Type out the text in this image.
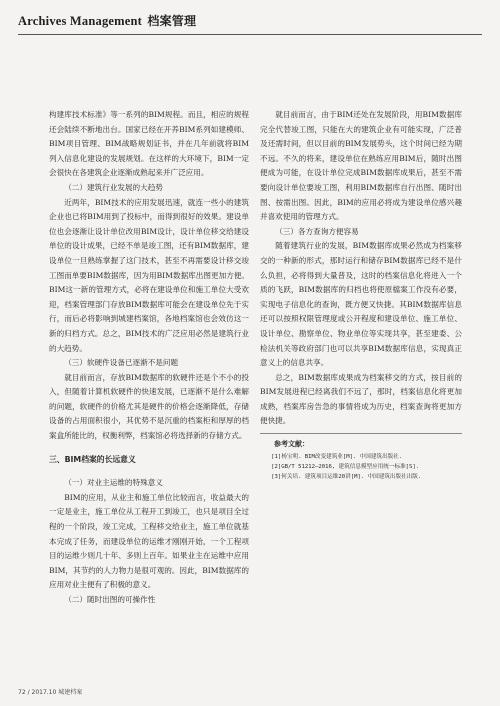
Archives Management 档案管理

构建库技术标准》等一系列的BIM规程。而且，相应的规程还会陆续不断地出台。国家已经在开养BIM系列如建模师、BIM项目管理、BIM战略规划证书，并在几年前就将BIM列入信息化建设的发展规划。在这样的大环境下，BIM一定会很快在各建筑企业逐渐成熟起来并广泛应用。

（二）建筑行业发展的大趋势

近两年，BIM技术的应用发展迅速，就连一些小的建筑企业也已将BIM用到了投标中，而得到很好的效果。建设单位也会逐渐让设计单位改用BIM设计，设计单位移交给建设单位的设计成果，已经不单是竣工图，还有BIM数据库，建设单位一旦熟练掌握了这门技术，甚至不再需要设计移交竣工图而单要BIM数据库，因为用BIM数据库出图更加方便。BIM这一新的管理方式，必将在建设单位和施工单位大受欢迎，档案管理部门存放BIM数据库可能会在建设单位先于实行，而后必将影响到城建档案馆，各地档案馆也会效仿这一新的归档方式。总之，BIM技术的广泛应用必然是建筑行业的大趋势。

（三）软硬件设备已逐渐不是问题

就目前而言，存放BIM数据库的软硬件还是个不小的投入，但随着计算机软硬件的快速发展，已逐渐不是什么难解的问题，软硬件的价格尤其是硬件的价格会逐渐降低，存储设备的占用面积很小，其优势不是沉重的档案柜和厚厚的档案盒所能比的，权衡利弊，档案馆必将选择新的存储方式。

三、BIM档案的长远意义

（一）对业主运维的特殊意义

BIM的应用，从业主和施工单位比较而言，收益最大的一定是业主，施工单位从工程开工到竣工，也只是项目全过程的一个阶段，竣工完成，工程移交给业主，施工单位就基本完成了任务，而建设单位的运维才刚刚开始，一个工程项目的运维少则几十年、多则上百年。如果业主在运维中应用BIM，其节约的人力物力是很可观的。因此，BIM数据库的应用对业主便有了积极的意义。

（二）随时出图的可操作性

就目前而言，由于BIM还处在发展阶段，用BIM数据库完全代替竣工图，只能在大的建筑企业有可能实现，广泛普及还需时间，但以目前的BIM发展势头，这个时间已经为期不远。不久的将来，建设单位在熟练应用BIM后，随时出图便成为可能，在设计单位完成BIM数据库成果后，甚至不需要向设计单位要竣工图，利用BIM数据库自行出图、随时出图、按需出图。因此，BIM的应用必将成为建设单位感兴趣并喜欢使用的管理方式。

（三）各方查询方便容易

随着建筑行业的发展，BIM数据库成果必然成为档案移交的一种新的形式，那时运行和储存BIM数据库已经不是什么负担，必将得到大量普及，这时的档案信息化将进入一个质的飞跃，BIM数据库的归档也将使原檔案工作没有必要，实现电子信息化的查询，既方便又快捷。其BIM数据库信息还可以按照权限管理度或公开程度和建设单位、施工单位、设计单位、勘察单位、物业单位等实现共享，甚至建委、公检法机关等政府部门也可以共享BIM数据库信息，实现真正意义上的信息共享。

总之，BIM数据库成果成为档案移交的方式，按目前的BIM发展进程已经离我们不远了，那时，档案信息化将更加成熟，档案库房告急的事情将成为历史，档案查询将更加方便快捷。

参考文献：

[1]杨宝明. BIM改变建筑业[M]. 中国建筑出版社.

[2]GB/T 51212—2016, 建筑信息模型应用统一标准[S].

[3]何关培. 建筑项目运维20讲[M]. 中国建筑出版社出版.

72 / 2017.10 城建档案
